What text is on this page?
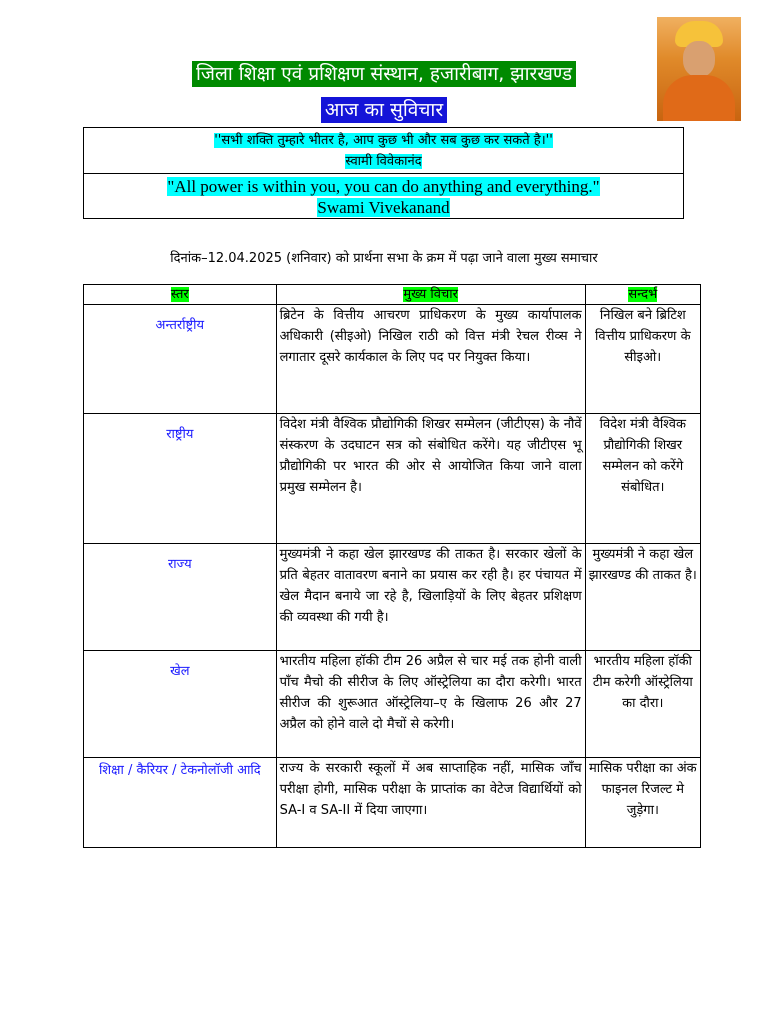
जिला शिक्षा एवं प्रशिक्षण संस्थान, हजारीबाग, झारखण्ड
आज का सुविचार
''सभी शक्ति तुम्हारे भीतर है, आप कुछ भी और सब कुछ कर सकते है।''
स्वामी विवेकानंद
"All power is within you, you can do anything and everything."
Swami Vivekanand
दिनांक–12.04.2025 (शनिवार) को प्रार्थना सभा के क्रम में पढ़ा जाने वाला मुख्य समाचार
स्तर	मुख्य विचार	सन्दर्भ
अन्तर्राष्ट्रीय	ब्रिटेन के वित्तीय आचरण प्राधिकरण के मुख्य कार्यापालक अधिकारी (सीइओ) निखिल राठी को वित्त मंत्री रेचल रीव्स ने लगातार दूसरे कार्यकाल के लिए पद पर नियुक्त किया।	निखिल बने ब्रिटिश वित्तीय प्राधिकरण के सीइओ।
राष्ट्रीय	विदेश मंत्री वैश्विक प्रौद्योगिकी शिखर सम्मेलन (जीटीएस) के नौवें संस्करण के उदघाटन सत्र को संबोधित करेंगे। यह जीटीएस भू प्रौद्योगिकी पर भारत की ओर से आयोजित किया जाने वाला प्रमुख सम्मेलन है।	विदेश मंत्री वैश्विक प्रौद्योगिकी शिखर सम्मेलन को करेंगे संबोधित।
राज्य	मुख्यमंत्री ने कहा खेल झारखण्ड की ताकत है। सरकार खेलों के प्रति बेहतर वातावरण बनाने का प्रयास कर रही है। हर पंचायत में खेल मैदान बनाये जा रहे है, खिलाड़ियों के लिए बेहतर प्रशिक्षण की व्यवस्था की गयी है।	मुख्यमंत्री ने कहा खेल झारखण्ड की ताकत है।
खेल	भारतीय महिला हॉकी टीम 26 अप्रैल से चार मई तक होनी वाली पाँच मैचो की सीरीज के लिए ऑस्ट्रेलिया का दौरा करेगी। भारत सीरीज की शुरूआत ऑस्ट्रेलिया–ए के खिलाफ 26 और 27 अप्रैल को होने वाले दो मैचों से करेगी।	भारतीय महिला हॉकी टीम करेगी ऑस्ट्रेलिया का दौरा।
शिक्षा / कैरियर / टेकनोलॉजी आदि	राज्य के सरकारी स्कूलों में अब साप्ताहिक नहीं, मासिक जाँच परीक्षा होगी, मासिक परीक्षा के प्राप्तांक का वेटेज विद्यार्थियों को SA-I व SA-II में दिया जाएगा।	मासिक परीक्षा का अंक फाइनल रिजल्ट मे जुड़ेगा।
